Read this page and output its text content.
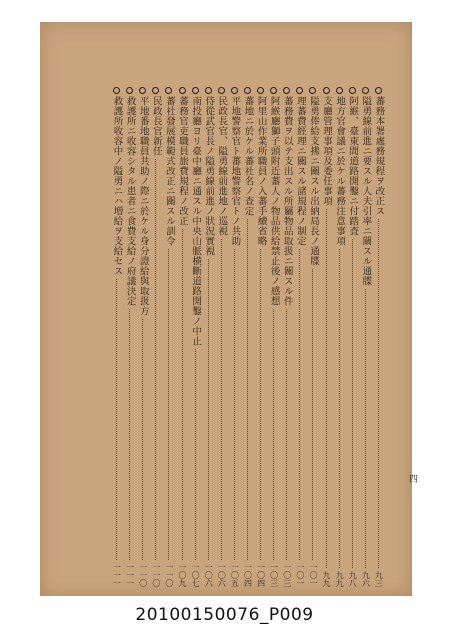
蕃務本署處務規程ヲ改正ス
九三
隘勇線前進ニ要スル人夫引率ニ關スル通牒
九六
阿緱、臺東間道路開鑿ニ付踏査
九八
地方官會議ニ於ケル蕃務注意事項
九九
支廳管理事項及委任事項
九九
隘勇俸給支拂ニ關スル出納局長ノ通牒
一〇一
理蕃費經理ニ關スル諸規程ノ制定
一〇一
蕃務費ヲ以テ支出スル所屬物品取扱ニ關スル件
一〇三
阿緱廳獅子頭附近蕃人ノ物品供給禁止後ノ感想
一〇三
阿里山作業所職員ノ入蕃手續省略
一〇四
蕃地ニ於ケル蕃社名ノ查定
一〇四
平地警察官ト蕃地警察官トノ共助
一〇五
民政長官、隘勇線前進地ノ巡視
一〇六
侍從武官長ノ隘勇線前進ノ狀況實視
一〇六
南投廳ヨリ臺中廳ニ通スル中央山脈横斷道路開鑿ノ中止
一〇七
蕃務官吏職員旅費規程ノ改正
一〇九
蕃社發展模範式改正ニ關スル訓令
一一〇
民政長官新任
一一〇
平地番地職員共助ノ際ニ於ケル身分證給與取扱方
一一〇
救護所ニ收容シタル患者ニ食費支給ノ府議決定
一一一
救護所收容中ノ隘勇ニハ増給ヲ支給セス
一一一
四
20100150076_P009
